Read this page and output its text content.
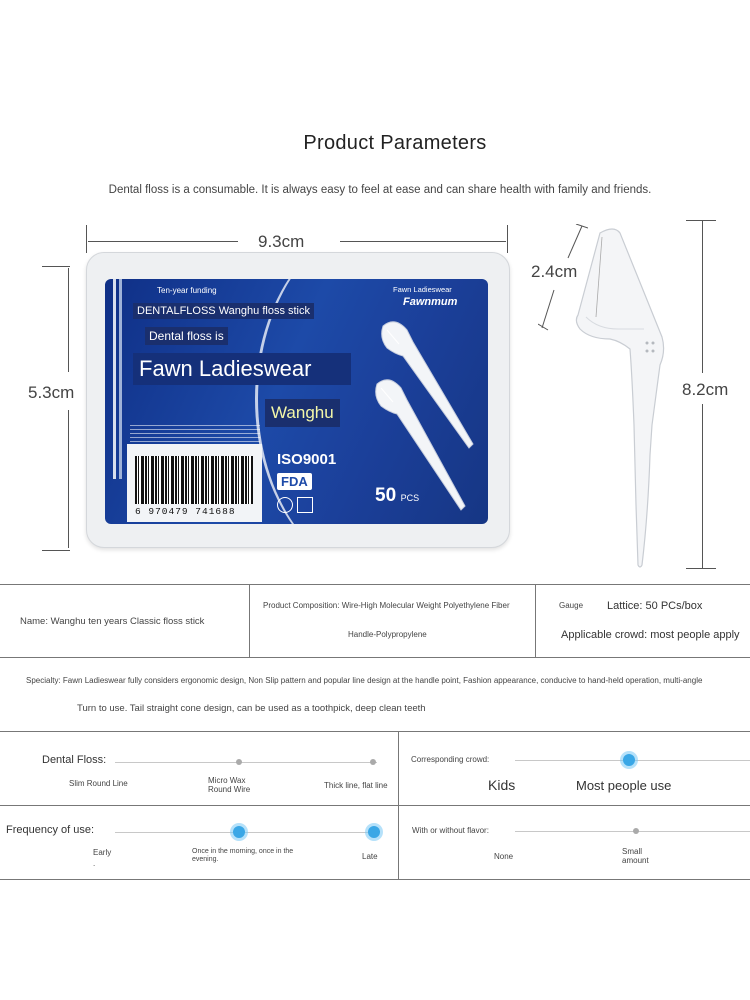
Product Parameters
Dental floss is a consumable. It is always easy to feel at ease and can share health with family and friends.
9.3cm
5.3cm
Ten-year funding
DENTALFLOSS Wanghu floss stick
Dental floss is
Fawn Ladieswear
Wanghu
Fawn Ladieswear
Fawnmum
6 970479 741688
ISO9001
FDA
50 PCS
2.4cm
8.2cm
Name: Wanghu ten years Classic floss stick
Product Composition: Wire-High Molecular Weight Polyethylene Fiber
Handle-Polypropylene
Gauge Lattice: 50 PCs/box
Applicable crowd: most people apply
Specialty: Fawn Ladieswear fully considers ergonomic design, Non Slip pattern and popular line design at the handle point, Fashion appearance, conducive to hand-held operation, multi-angle
Turn to use. Tail straight cone design, can be used as a toothpick, deep clean teeth
Dental Floss:
Slim Round Line	Micro Wax Round Wire	Thick line, flat line
Corresponding crowd:
Kids	Most people use
Frequency of use:
Early
.
Once in the morning, once in the evening.	Late
With or without flavor:
None
Small amount
